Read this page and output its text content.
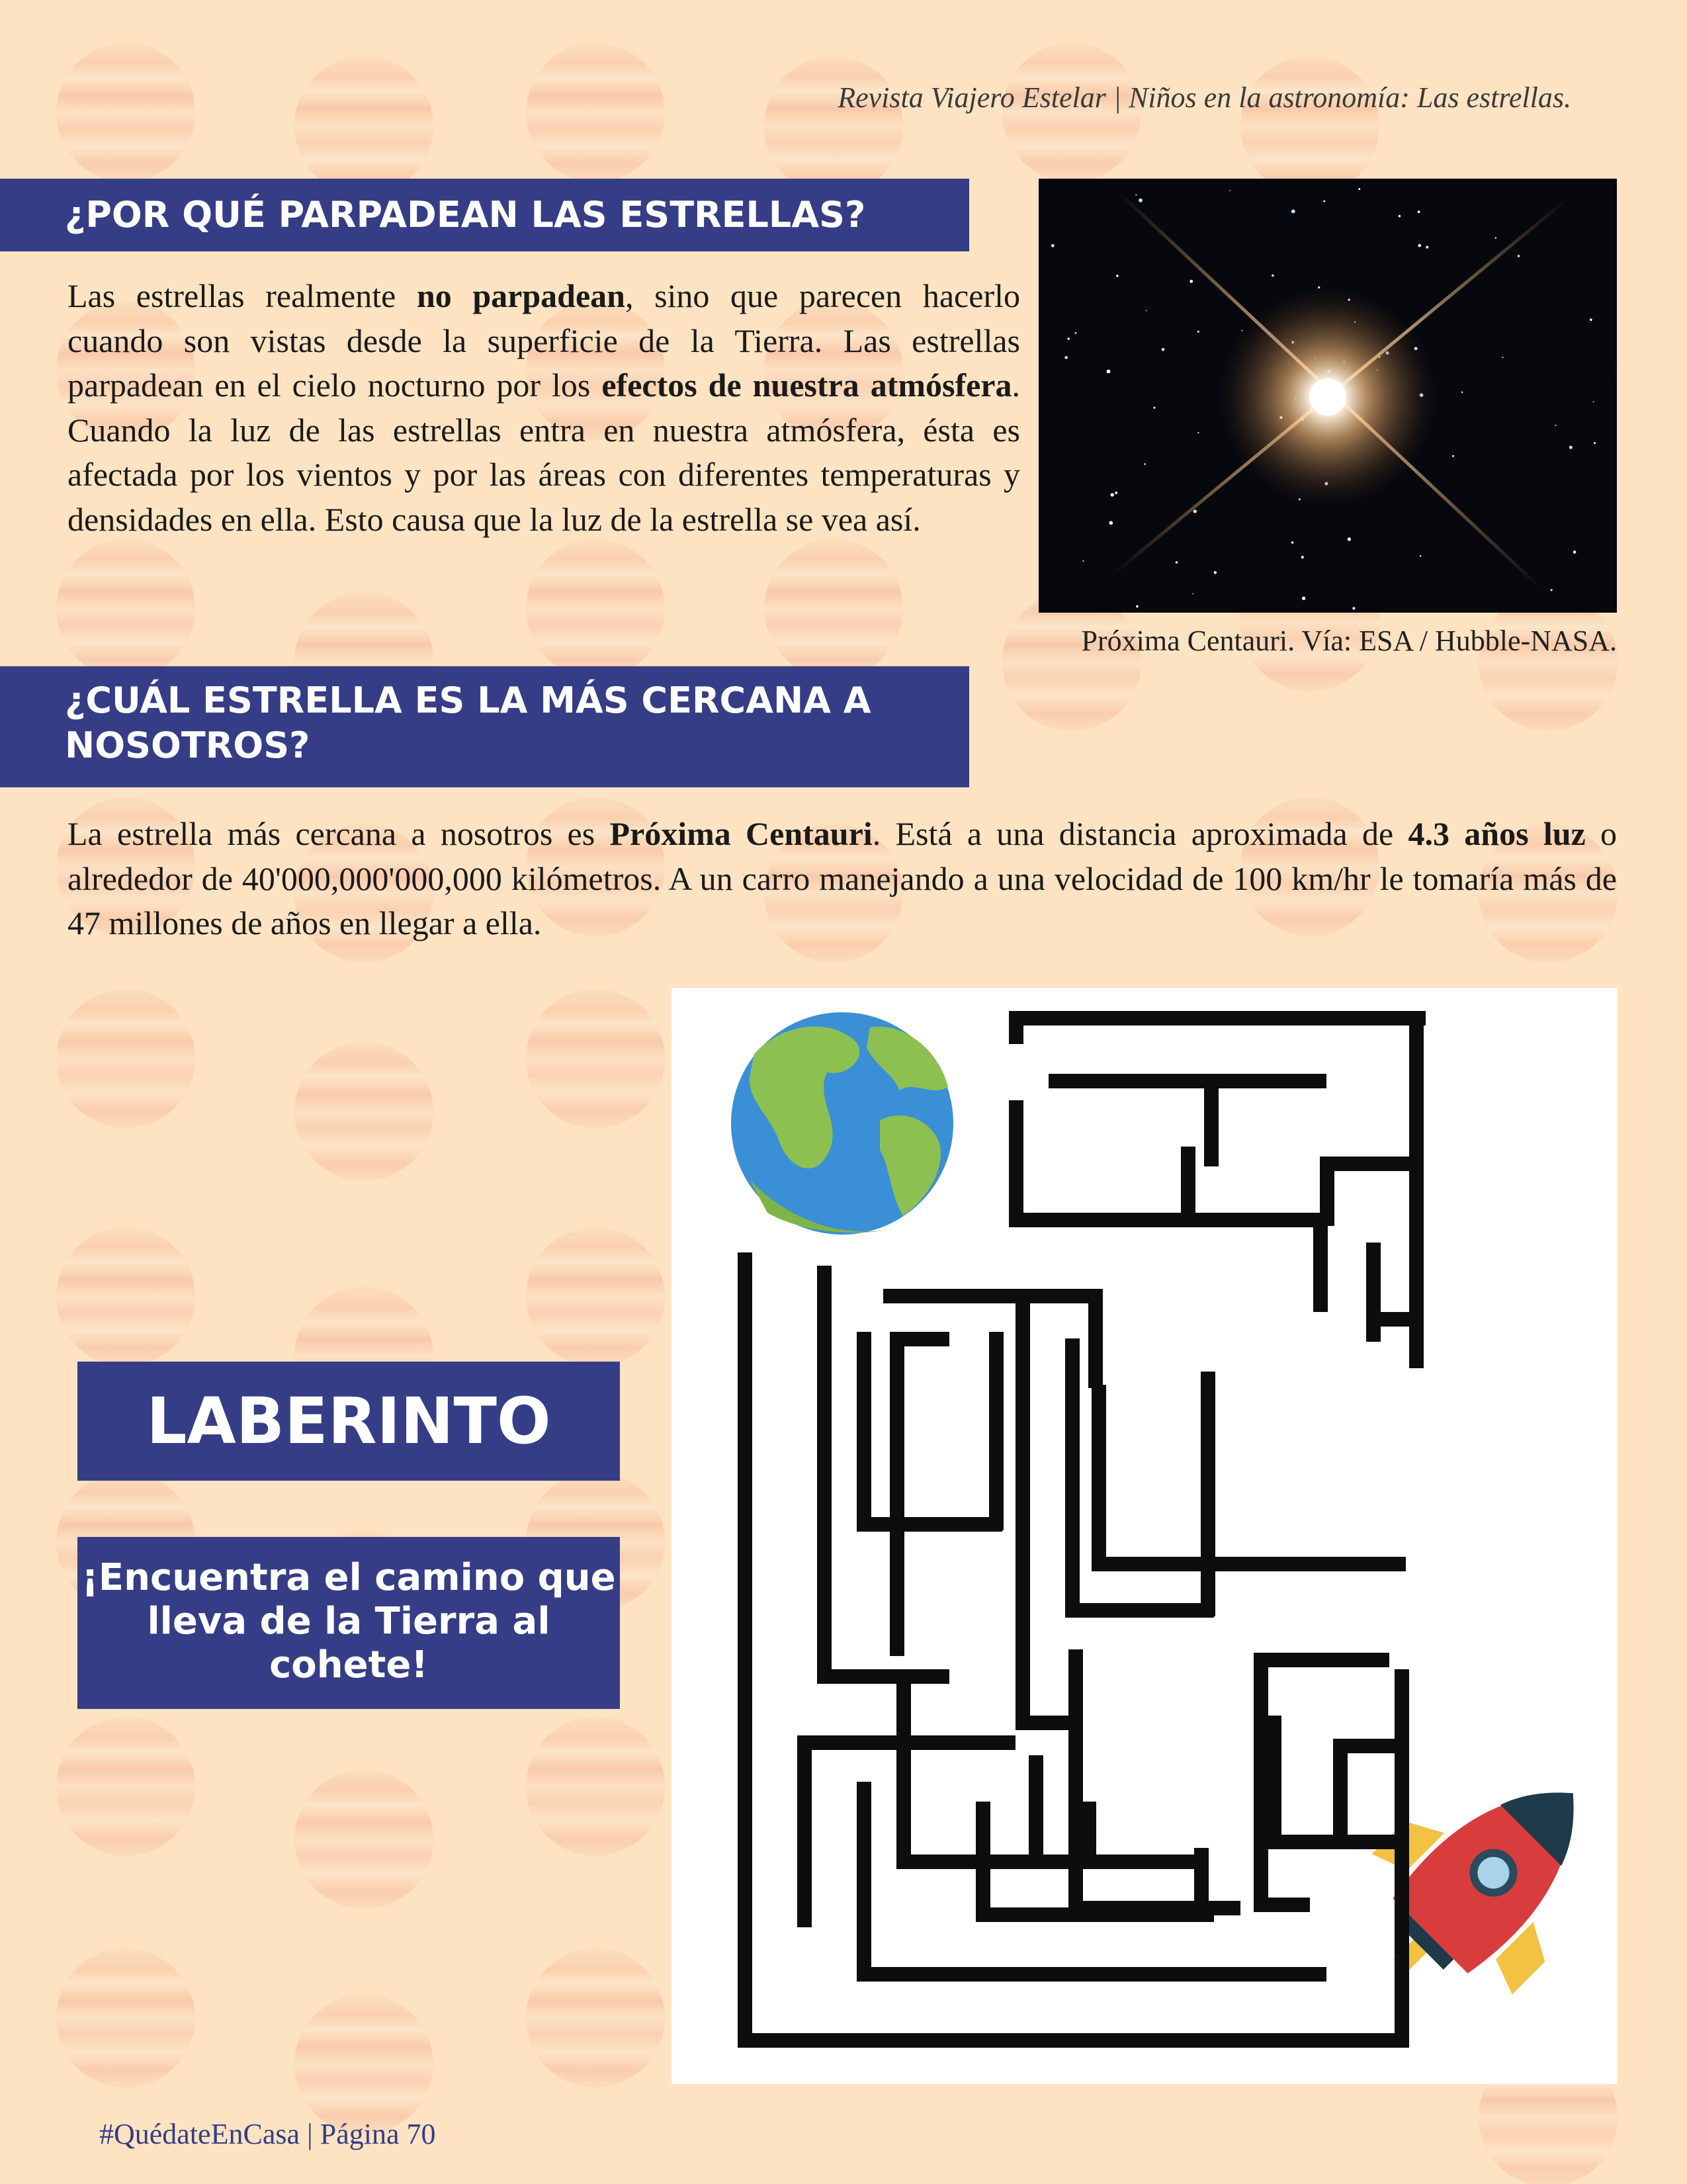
Revista Viajero Estelar | Niños en la astronomía: Las estrellas.
¿POR QUÉ PARPADEAN LAS ESTRELLAS?
Las estrellas realmente no parpadean, sino que parecen hacerlo cuando son vistas desde la superficie de la Tierra. Las estrellas parpadean en el cielo nocturno por los efectos de nuestra atmósfera. Cuando la luz de las estrellas entra en nuestra atmósfera, ésta es afectada por los vientos y por las áreas con diferentes temperaturas y densidades en ella. Esto causa que la luz de la estrella se vea así.
Próxima Centauri. Vía: ESA / Hubble-NASA.
¿CUÁL ESTRELLA ES LA MÁS CERCANA A NOSOTROS?
La estrella más cercana a nosotros es Próxima Centauri. Está a una distancia aproximada de 4.3 años luz o alrededor de 40'000,000'000,000 kilómetros. A un carro manejando a una velocidad de 100 km/hr le tomaría más de 47 millones de años en llegar a ella.
LABERINTO
¡Encuentra el camino que lleva de la Tierra al cohete!
#QuédateEnCasa | Página 70
